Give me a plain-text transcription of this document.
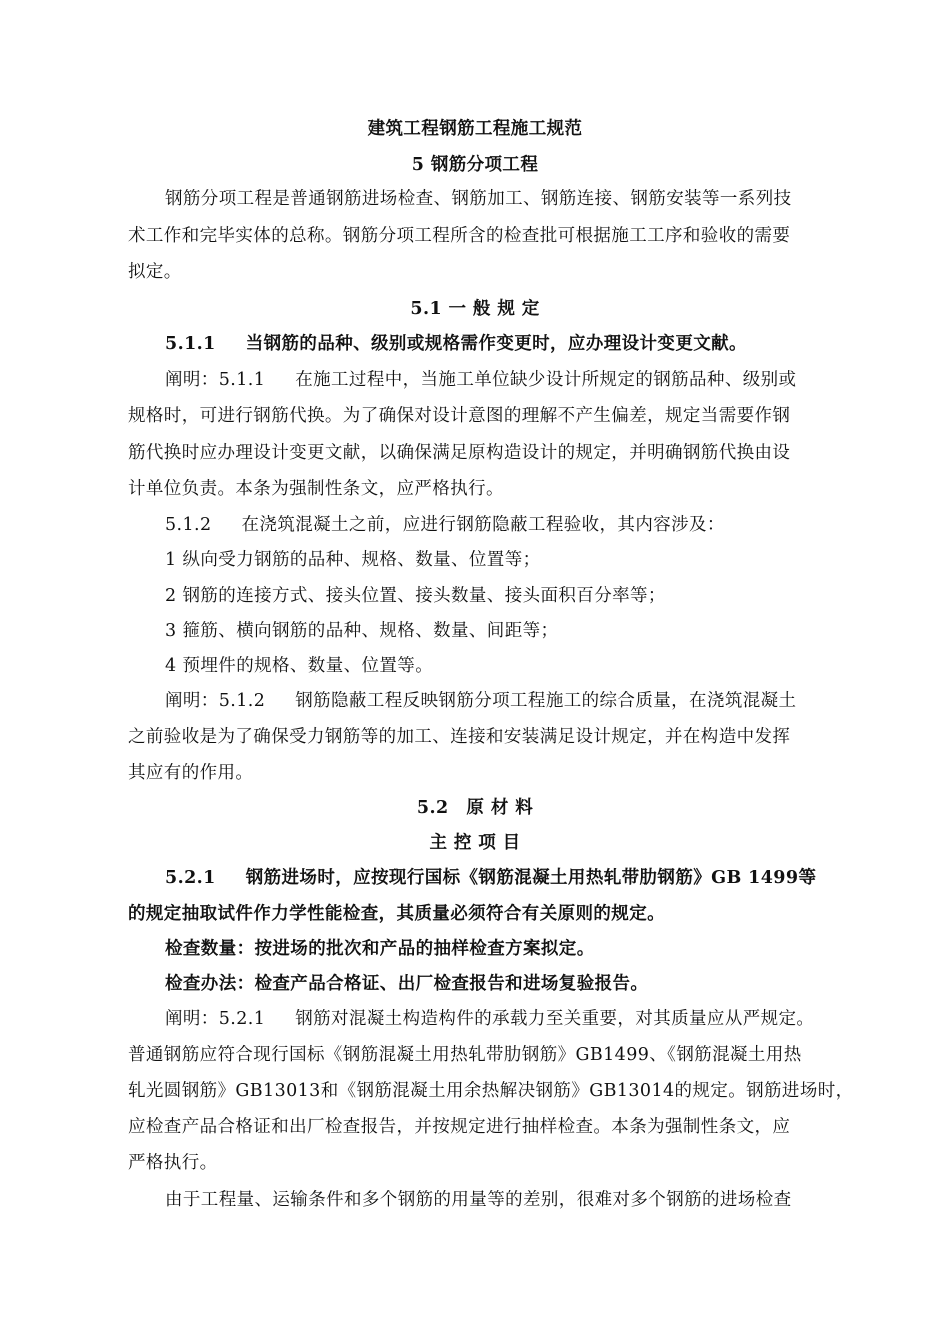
建筑工程钢筋工程施工规范
5 钢筋分项工程
钢筋分项工程是普通钢筋进场检查、钢筋加工、钢筋连接、钢筋安装等一系列技
术工作和完毕实体的总称。钢筋分项工程所含的检查批可根据施工工序和验收的需要
拟定。
5.1 一 般 规 定
5.1.1 当钢筋的品种、级别或规格需作变更时，应办理设计变更文献。
阐明：5.1.1 在施工过程中，当施工单位缺少设计所规定的钢筋品种、级别或
规格时，可进行钢筋代换。为了确保对设计意图的理解不产生偏差，规定当需要作钢
筋代换时应办理设计变更文献，以确保满足原构造设计的规定，并明确钢筋代换由设
计单位负责。本条为强制性条文，应严格执行。
5.1.2 在浇筑混凝土之前，应进行钢筋隐蔽工程验收，其内容涉及：
1 纵向受力钢筋的品种、规格、数量、位置等；
2 钢筋的连接方式、接头位置、接头数量、接头面积百分率等；
3 箍筋、横向钢筋的品种、规格、数量、间距等；
4 预埋件的规格、数量、位置等。
阐明：5.1.2 钢筋隐蔽工程反映钢筋分项工程施工的综合质量，在浇筑混凝土
之前验收是为了确保受力钢筋等的加工、连接和安装满足设计规定，并在构造中发挥
其应有的作用。
5.2　原 材 料
主 控 项 目
5.2.1 钢筋进场时，应按现行国标《钢筋混凝土用热轧带肋钢筋》GB 1499等
的规定抽取试件作力学性能检查，其质量必须符合有关原则的规定。
检查数量：按进场的批次和产品的抽样检查方案拟定。
检查办法：检查产品合格证、出厂检查报告和进场复验报告。
阐明：5.2.1 钢筋对混凝土构造构件的承载力至关重要，对其质量应从严规定。
普通钢筋应符合现行国标《钢筋混凝土用热轧带肋钢筋》GB1499、《钢筋混凝土用热
轧光圆钢筋》GB13013和《钢筋混凝土用余热解决钢筋》GB13014的规定。钢筋进场时，
应检查产品合格证和出厂检查报告，并按规定进行抽样检查。本条为强制性条文，应
严格执行。
由于工程量、运输条件和多个钢筋的用量等的差别，很难对多个钢筋的进场检查
